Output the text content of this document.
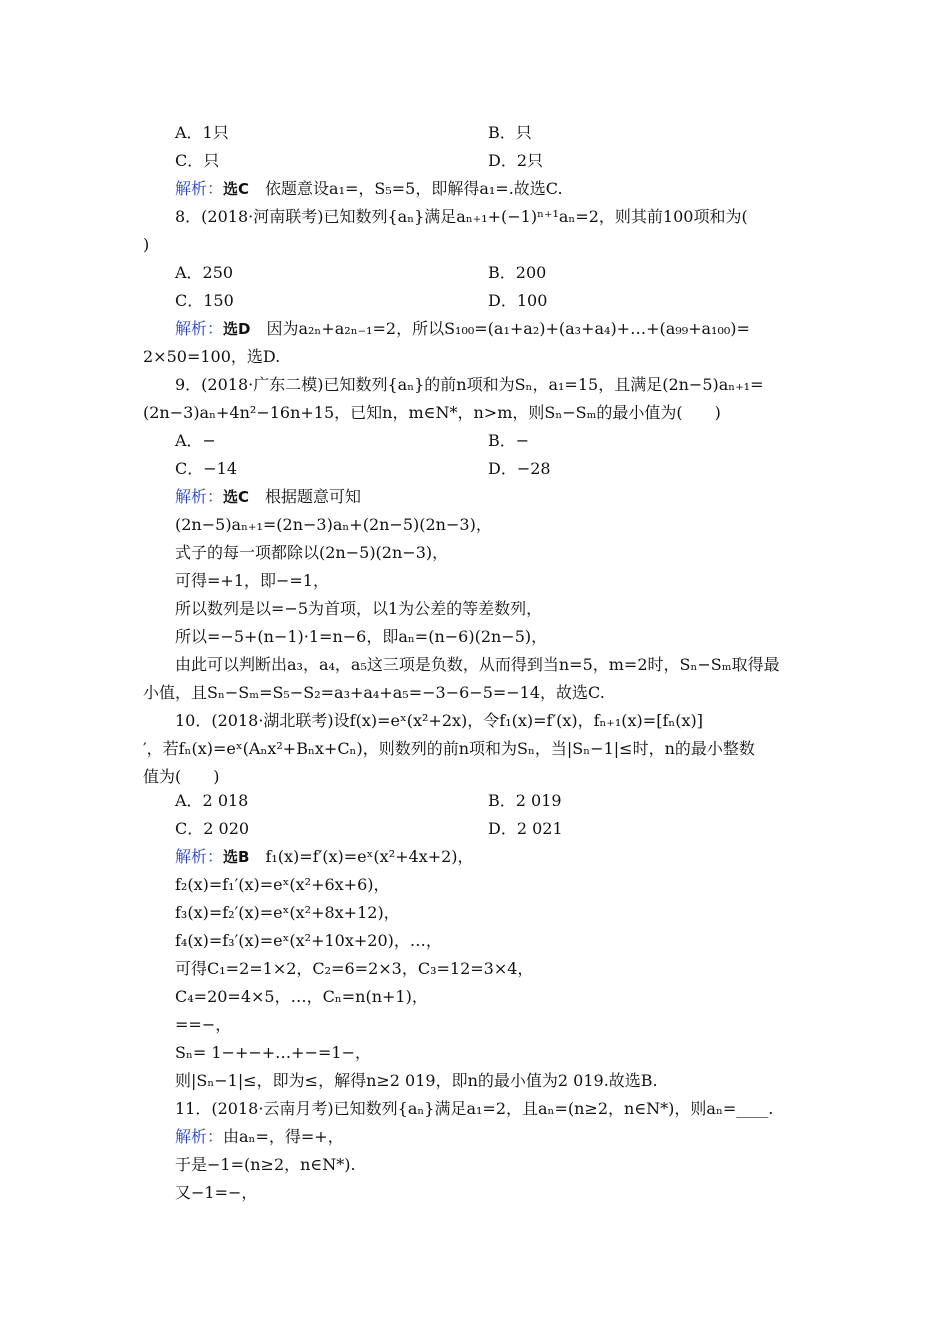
A．1只	B．只
C．只	D．2只
解析：选C　依题意设a₁=，S₅=5，即解得a₁=.故选C.
8．(2018·河南联考)已知数列{aₙ}满足aₙ₊₁+(−1)ⁿ⁺¹aₙ=2，则其前100项和为(
)
A．250	B．200
C．150	D．100
解析：选D　因为a₂ₙ+a₂ₙ₋₁=2，所以S₁₀₀=(a₁+a₂)+(a₃+a₄)+…+(a₉₉+a₁₀₀)=
2×50=100，选D.
9．(2018·广东二模)已知数列{aₙ}的前n项和为Sₙ，a₁=15，且满足(2n−5)aₙ₊₁=
(2n−3)aₙ+4n²−16n+15，已知n，m∈N*，n>m，则Sₙ−Sₘ的最小值为(　　)
A．−	B．−
C．−14	D．−28
解析：选C　根据题意可知
(2n−5)aₙ₊₁=(2n−3)aₙ+(2n−5)(2n−3)，
式子的每一项都除以(2n−5)(2n−3)，
可得=+1，即−=1，
所以数列是以=−5为首项，以1为公差的等差数列，
所以=−5+(n−1)·1=n−6，即aₙ=(n−6)(2n−5)，
由此可以判断出a₃，a₄，a₅这三项是负数，从而得到当n=5，m=2时，Sₙ−Sₘ取得最
小值，且Sₙ−Sₘ=S₅−S₂=a₃+a₄+a₅=−3−6−5=−14，故选C.
10．(2018·湖北联考)设f(x)=eˣ(x²+2x)，令f₁(x)=f′(x)，fₙ₊₁(x)=[fₙ(x)]
′，若fₙ(x)=eˣ(Aₙx²+Bₙx+Cₙ)，则数列的前n项和为Sₙ，当|Sₙ−1|≤时，n的最小整数
值为(　　)
A．2 018	B．2 019
C．2 020	D．2 021
解析：选B　f₁(x)=f′(x)=eˣ(x²+4x+2)，
f₂(x)=f₁′(x)=eˣ(x²+6x+6)，
f₃(x)=f₂′(x)=eˣ(x²+8x+12)，
f₄(x)=f₃′(x)=eˣ(x²+10x+20)，…，
可得C₁=2=1×2，C₂=6=2×3，C₃=12=3×4，
C₄=20=4×5，…，Cₙ=n(n+1)，
==−，
Sₙ= 1−+−+…+−=1−，
则|Sₙ−1|≤，即为≤，解得n≥2 019，即n的最小值为2 019.故选B.
11．(2018·云南月考)已知数列{aₙ}满足a₁=2，且aₙ=(n≥2，n∈N*)，则aₙ=____.
解析：由aₙ=，得=+，
于是−1=(n≥2，n∈N*).
又−1=−，
